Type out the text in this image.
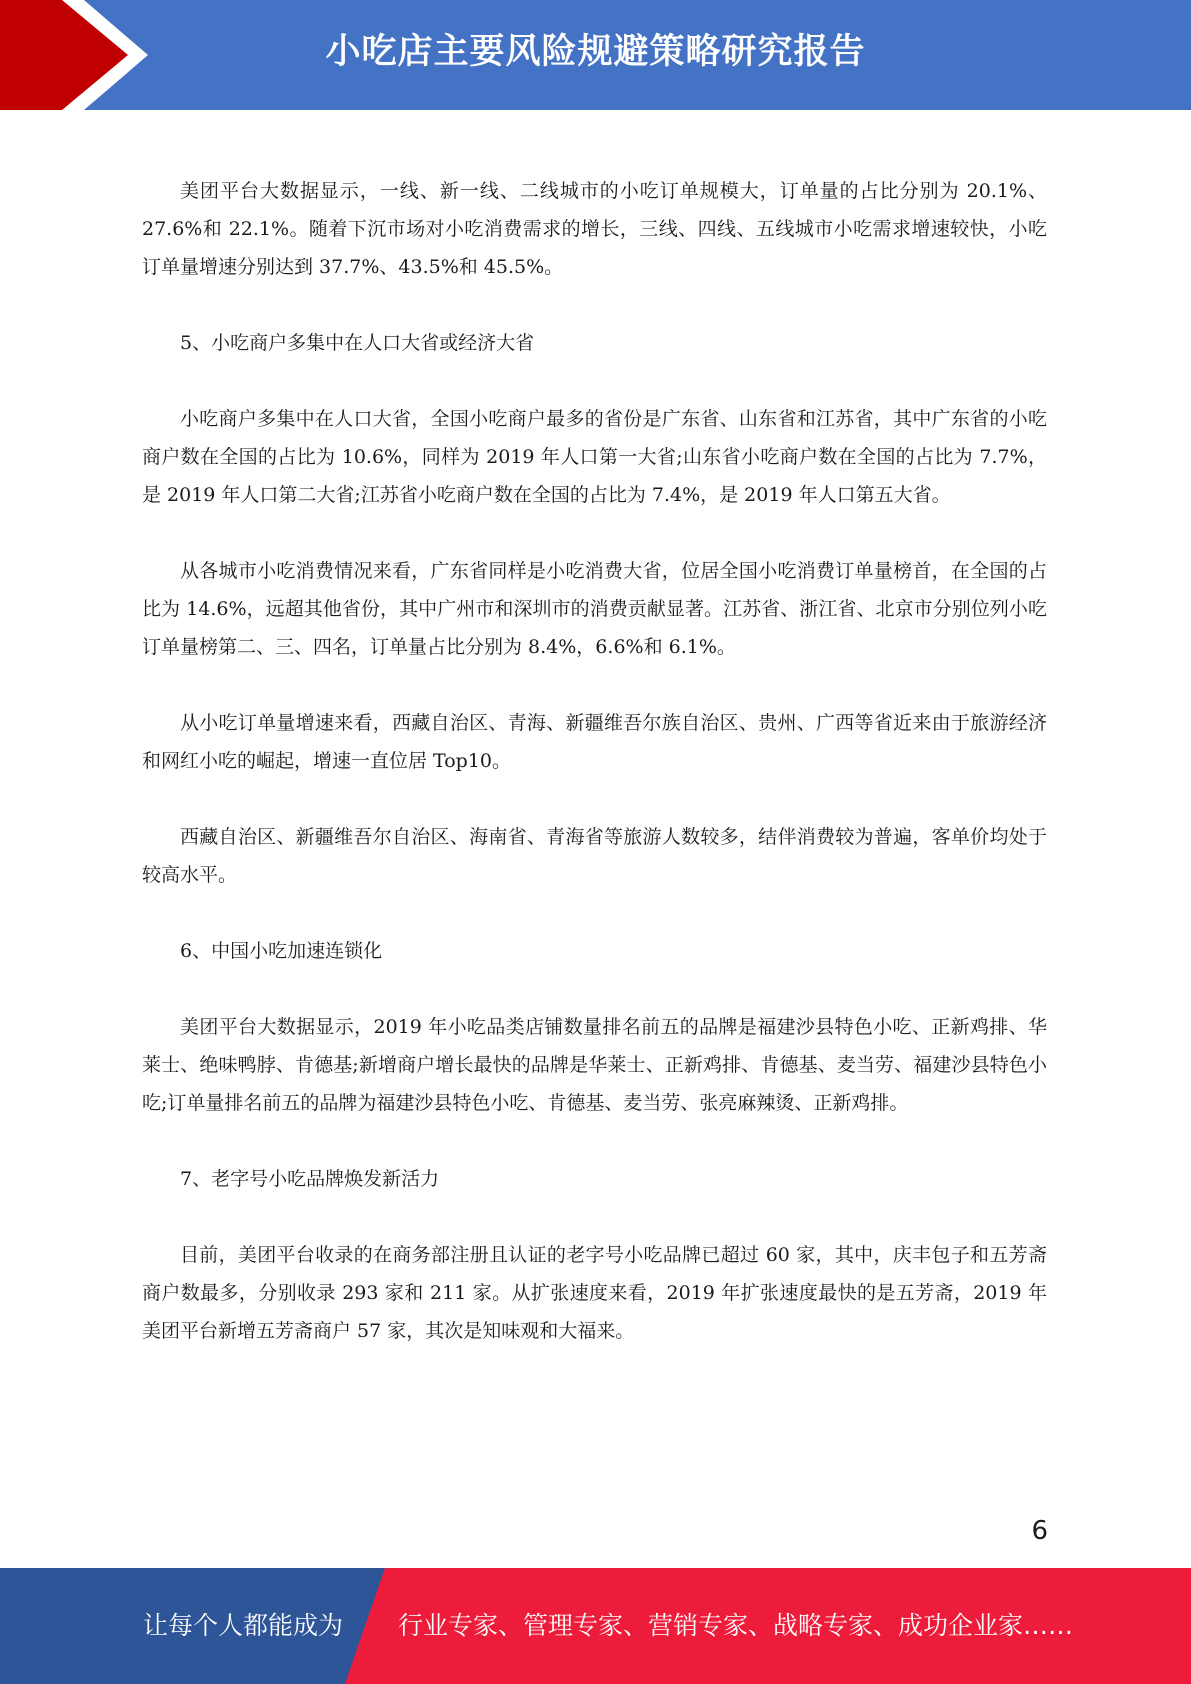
小吃店主要风险规避策略研究报告

美团平台大数据显示，一线、新一线、二线城市的小吃订单规模大，订单量的占比分别为 20.1%、27.6%和 22.1%。随着下沉市场对小吃消费需求的增长，三线、四线、五线城市小吃需求增速较快，小吃订单量增速分别达到 37.7%、43.5%和 45.5%。

5、小吃商户多集中在人口大省或经济大省

小吃商户多集中在人口大省，全国小吃商户最多的省份是广东省、山东省和江苏省，其中广东省的小吃商户数在全国的占比为 10.6%，同样为 2019 年人口第一大省;山东省小吃商户数在全国的占比为 7.7%，是 2019 年人口第二大省;江苏省小吃商户数在全国的占比为 7.4%，是 2019 年人口第五大省。

从各城市小吃消费情况来看，广东省同样是小吃消费大省，位居全国小吃消费订单量榜首，在全国的占比为 14.6%，远超其他省份，其中广州市和深圳市的消费贡献显著。江苏省、浙江省、北京市分别位列小吃订单量榜第二、三、四名，订单量占比分别为 8.4%，6.6%和 6.1%。

从小吃订单量增速来看，西藏自治区、青海、新疆维吾尔族自治区、贵州、广西等省近来由于旅游经济和网红小吃的崛起，增速一直位居 Top10。

西藏自治区、新疆维吾尔自治区、海南省、青海省等旅游人数较多，结伴消费较为普遍，客单价均处于较高水平。

6、中国小吃加速连锁化

美团平台大数据显示，2019 年小吃品类店铺数量排名前五的品牌是福建沙县特色小吃、正新鸡排、华莱士、绝味鸭脖、肯德基;新增商户增长最快的品牌是华莱士、正新鸡排、肯德基、麦当劳、福建沙县特色小吃;订单量排名前五的品牌为福建沙县特色小吃、肯德基、麦当劳、张亮麻辣烫、正新鸡排。

7、老字号小吃品牌焕发新活力

目前，美团平台收录的在商务部注册且认证的老字号小吃品牌已超过 60 家，其中，庆丰包子和五芳斋商户数最多，分别收录 293 家和 211 家。从扩张速度来看，2019 年扩张速度最快的是五芳斋，2019 年美团平台新增五芳斋商户 57 家，其次是知味观和大福来。

6
让每个人都能成为 行业专家、管理专家、营销专家、战略专家、成功企业家……
